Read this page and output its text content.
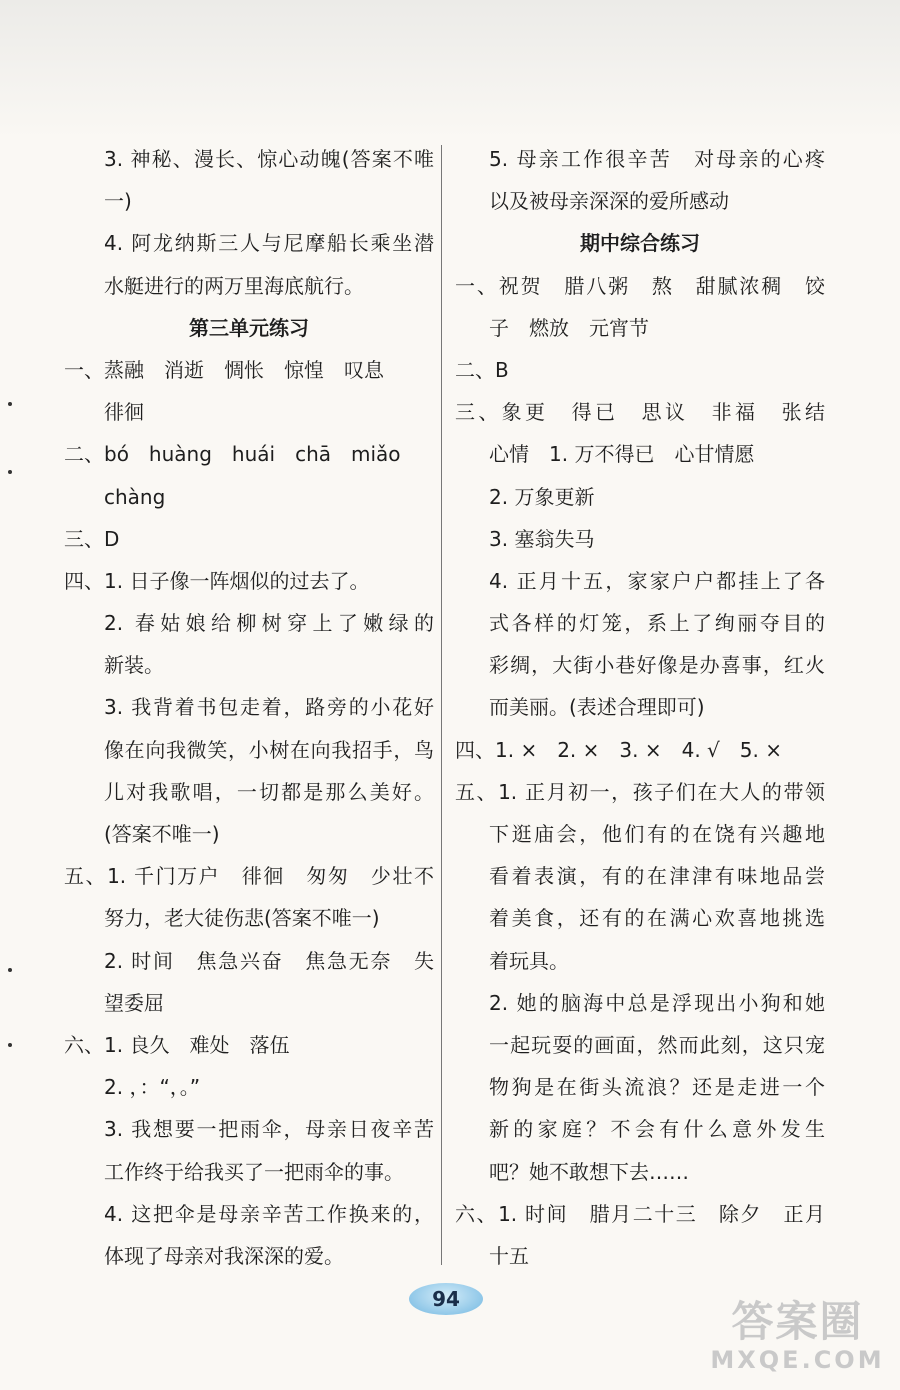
3. 神秘、漫长、惊心动魄(答案不唯
一)
4. 阿龙纳斯三人与尼摩船长乘坐潜
水艇进行的两万里海底航行。
第三单元练习
一、蒸融　消逝　惆怅　惊惶　叹息
徘徊
二、bó　huàng　huái　chā　miǎo
chàng
三、D
四、1. 日子像一阵烟似的过去了。
2. 春姑娘给柳树穿上了嫩绿的
新装。
3. 我背着书包走着，路旁的小花好
像在向我微笑，小树在向我招手，鸟
儿对我歌唱，一切都是那么美好。
(答案不唯一)
五、1. 千门万户　徘徊　匆匆　少壮不
努力，老大徒伤悲(答案不唯一)
2. 时间　焦急兴奋　焦急无奈　失
望委屈
六、1. 良久　难处　落伍
2. ，：“，。”
3. 我想要一把雨伞，母亲日夜辛苦
工作终于给我买了一把雨伞的事。
4. 这把伞是母亲辛苦工作换来的，
体现了母亲对我深深的爱。
5. 母亲工作很辛苦　对母亲的心疼
以及被母亲深深的爱所感动
期中综合练习
一、祝贺　腊八粥　熬　甜腻浓稠　饺
子　燃放　元宵节
二、B
三、象更　得已　思议　非福　张结
心情　1. 万不得已　心甘情愿
2. 万象更新
3. 塞翁失马
4. 正月十五，家家户户都挂上了各
式各样的灯笼，系上了绚丽夺目的
彩绸，大街小巷好像是办喜事，红火
而美丽。(表述合理即可)
四、1. ×　2. ×　3. ×　4. √　5. ×
五、1. 正月初一，孩子们在大人的带领
下逛庙会，他们有的在饶有兴趣地
看着表演，有的在津津有味地品尝
着美食，还有的在满心欢喜地挑选
着玩具。
2. 她的脑海中总是浮现出小狗和她
一起玩耍的画面，然而此刻，这只宠
物狗是在街头流浪？还是走进一个
新的家庭？不会有什么意外发生
吧？她不敢想下去……
六、1. 时间　腊月二十三　除夕　正月
十五
94	答案圈
MXQE.COM
